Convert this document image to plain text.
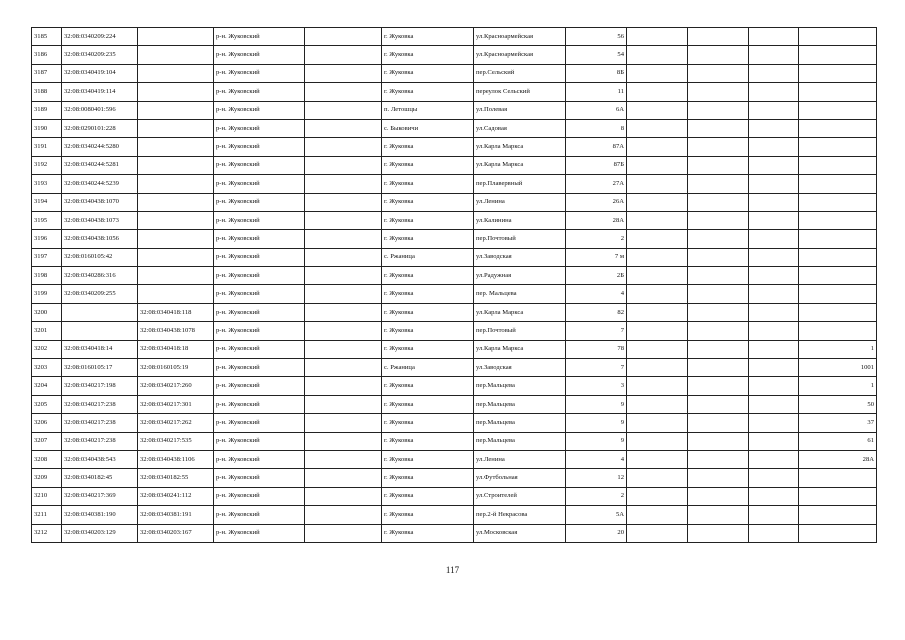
3185	32:08:0340209:224		р-н. Жуковский		г. Жуковка	ул.Красноармейская	56				
3186	32:08:0340209:235		р-н. Жуковский		г. Жуковка	ул.Красноармейская	54				
3187	32:08:0340419:104		р-н. Жуковский		г. Жуковка	пер.Сельский	8Б				
3188	32:08:0340419:114		р-н. Жуковский		г. Жуковка	переулок Сельский	11				
3189	32:08:0080401:596		р-н. Жуковский		п. Летошцы	ул.Полевая	6А				
3190	32:08:0290101:228		р-н. Жуковский		с. Быковичи	ул.Садовая	8				
3191	32:08:0340244:5280		р-н. Жуковский		г. Жуковка	ул.Карла Маркса	87А				
3192	32:08:0340244:5281		р-н. Жуковский		г. Жуковка	ул.Карла Маркса	87Б				
3193	32:08:0340244:5239		р-н. Жуковский		г. Жуковка	пер.Плавервный	27А				
3194	32:08:0340438:1070		р-н. Жуковский		г. Жуковка	ул.Ленина	26А				
3195	32:08:0340438:1073		р-н. Жуковский		г. Жуковка	ул.Калинина	28А				
3196	32:08:0340438:1056		р-н. Жуковский		г. Жуковка	пер.Почтовый	2				
3197	32:08:0160105:42		р-н. Жуковский		с. Ржаница	ул.Заводская	7 м				
3198	32:08:0340286:316		р-н. Жуковский		г. Жуковка	ул.Радужная	2Б				
3199	32:08:0340209:255		р-н. Жуковский		г. Жуковка	пер. Мальцева	4				
3200		32:08:0340418:118	р-н. Жуковский		г. Жуковка	ул.Карла Маркса	82				
3201		32:08:0340438:1078	р-н. Жуковский		г. Жуковка	пер.Почтовый	7				
3202	32:08:0340418:14	32:08:0340418:18	р-н. Жуковский		г. Жуковка	ул.Карла Маркса	78				1
3203	32:08:0160105:17	32:08:0160105:19	р-н. Жуковский		с. Ржаница	ул.Заводская	7				1001
3204	32:08:0340217:198	32:08:0340217:260	р-н. Жуковский		г. Жуковка	пер.Мальцева	3				1
3205	32:08:0340217:238	32:08:0340217:301	р-н. Жуковский		г. Жуковка	пер.Мальцева	9				50
3206	32:08:0340217:238	32:08:0340217:262	р-н. Жуковский		г. Жуковка	пер.Мальцева	9				37
3207	32:08:0340217:238	32:08:0340217:535	р-н. Жуковский		г. Жуковка	пер.Мальцева	9				61
3208	32:08:0340438:543	32:08:0340438:1106	р-н. Жуковский		г. Жуковка	ул.Ленина	4				28А
3209	32:08:0340182:45	32:08:0340182:55	р-н. Жуковский		г. Жуковка	ул.Футбольная	12				
3210	32:08:0340217:369	32:08:0340241:112	р-н. Жуковский		г. Жуковка	ул.Строителей	2				
3211	32:08:0340381:190	32:08:0340381:191	р-н. Жуковский		г. Жуковка	пер.2-й Некрасова	5А				
3212	32:08:0340203:129	32:08:0340203:167	р-н. Жуковский		г. Жуковка	ул.Московская	20				
117
